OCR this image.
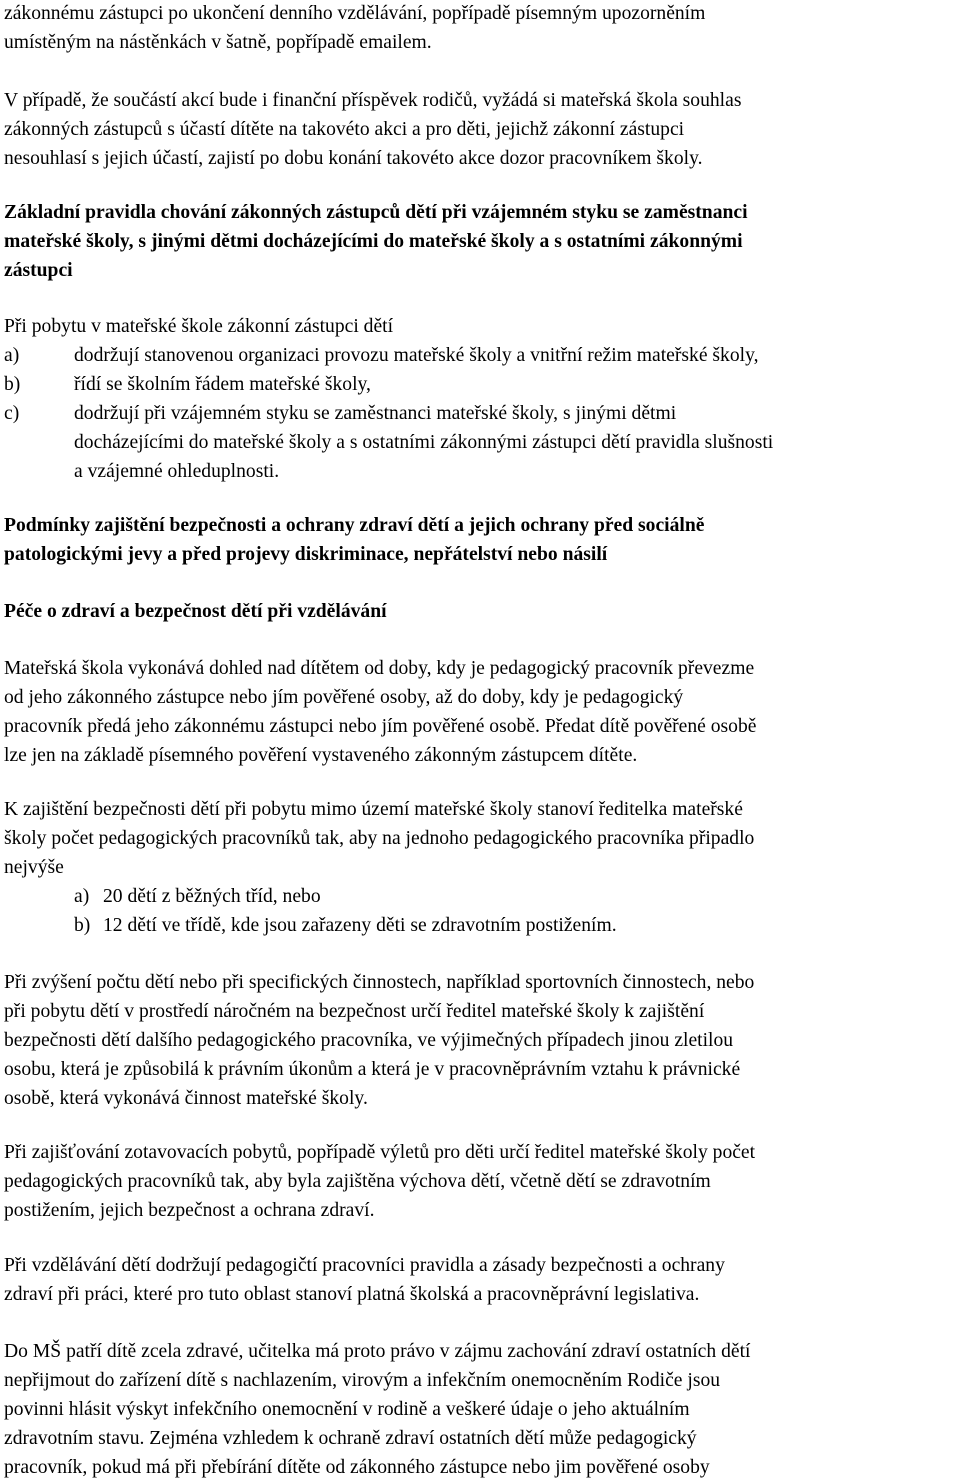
zákonnému zástupci po ukončení denního vzdělávání, popřípadě písemným upozorněním
umístěným na nástěnkách v šatně, popřípadě emailem.
V případě, že součástí akcí bude i finanční příspěvek rodičů, vyžádá si mateřská škola souhlas
zákonných zástupců s účastí dítěte na takovéto akci a pro děti, jejichž zákonní zástupci
nesouhlasí s jejich účastí, zajistí po dobu konání takovéto akce dozor pracovníkem školy.
Základní pravidla chování zákonných zástupců dětí při vzájemném styku se zaměstnanci
mateřské školy, s jinými dětmi docházejícími do mateřské školy a s ostatními zákonnými
zástupci
Při pobytu v mateřské škole zákonní zástupci dětí
a)	dodržují stanovenou organizaci provozu mateřské školy a vnitřní režim mateřské školy,
b)	řídí se školním řádem mateřské školy,
c)	dodržují při vzájemném styku se zaměstnanci mateřské školy, s jinými dětmi
docházejícími do mateřské školy a s ostatními zákonnými zástupci dětí pravidla slušnosti
a vzájemné ohleduplnosti.
Podmínky zajištění bezpečnosti a ochrany zdraví dětí a jejich ochrany před sociálně
patologickými jevy a před projevy diskriminace, nepřátelství nebo násilí
Péče o zdraví a bezpečnost dětí při vzdělávání
Mateřská škola vykonává dohled nad dítětem od doby, kdy je pedagogický pracovník převezme
od jeho zákonného zástupce nebo jím pověřené osoby, až do doby, kdy je pedagogický
pracovník předá jeho zákonnému zástupci nebo jím pověřené osobě. Předat dítě pověřené osobě
lze jen na základě písemného pověření vystaveného zákonným zástupcem dítěte.
K zajištění bezpečnosti dětí při pobytu mimo území mateřské školy stanoví ředitelka mateřské
školy počet pedagogických pracovníků tak, aby na jednoho pedagogického pracovníka připadlo
nejvýše
a) 20 dětí z běžných tříd, nebo
b) 12 dětí ve třídě, kde jsou zařazeny děti se zdravotním postižením.
Při zvýšení počtu dětí nebo při specifických činnostech, například sportovních činnostech, nebo
při pobytu dětí v prostředí náročném na bezpečnost určí ředitel mateřské školy k zajištění
bezpečnosti dětí dalšího pedagogického pracovníka, ve výjimečných případech jinou zletilou
osobu, která je způsobilá k právním úkonům a která je v pracovněprávním vztahu k právnické
osobě, která vykonává činnost mateřské školy.
Při zajišťování zotavovacích pobytů, popřípadě výletů pro děti určí ředitel mateřské školy počet
pedagogických pracovníků tak, aby byla zajištěna výchova dětí, včetně dětí se zdravotním
postižením, jejich bezpečnost a ochrana zdraví.
Při vzdělávání dětí dodržují pedagogičtí pracovníci pravidla a zásady bezpečnosti a ochrany
zdraví při práci, které pro tuto oblast stanoví platná školská a pracovněprávní legislativa.
Do MŠ patří dítě zcela zdravé, učitelka má proto právo v zájmu zachování zdraví ostatních dětí
nepřijmout do zařízení dítě s nachlazením, virovým a infekčním onemocněním Rodiče jsou
povinni hlásit výskyt infekčního onemocnění v rodině a veškeré údaje o jeho aktuálním
zdravotním stavu. Zejména vzhledem k ochraně zdraví ostatních dětí může pedagogický
pracovník, pokud má při přebírání dítěte od zákonného zástupce nebo jim pověřené osoby
